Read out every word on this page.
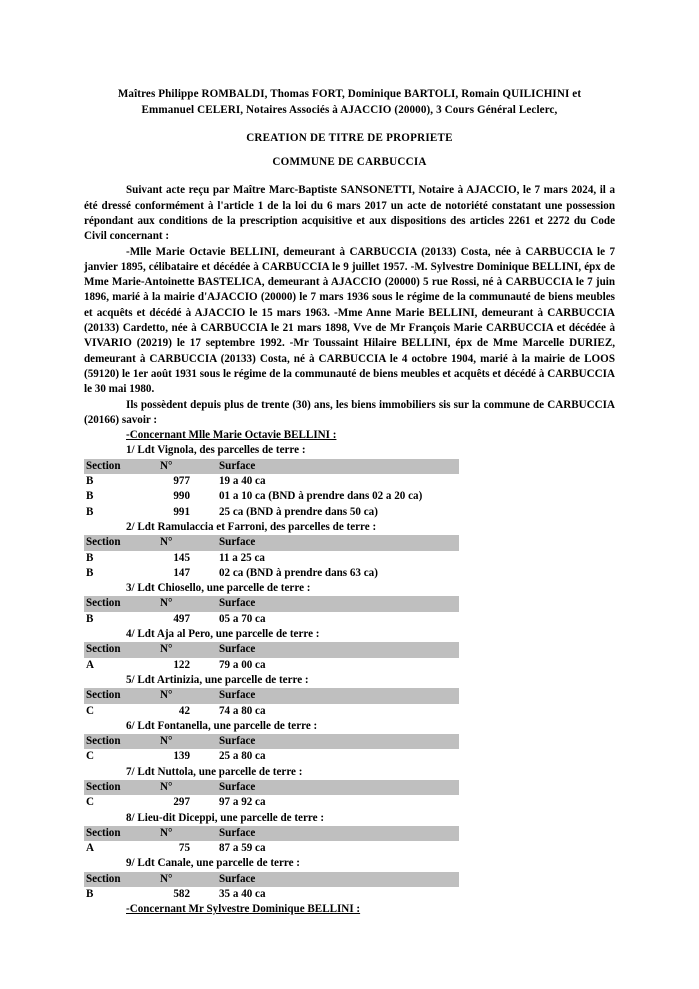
Maîtres Philippe ROMBALDI, Thomas FORT, Dominique BARTOLI, Romain QUILICHINI et
Emmanuel CELERI, Notaires Associés à AJACCIO (20000), 3 Cours Général Leclerc,
CREATION DE TITRE DE PROPRIETE
COMMUNE DE CARBUCCIA

Suivant acte reçu par Maître Marc-Baptiste SANSONETTI, Notaire à AJACCIO, le 7 mars 2024, il a été dressé conformément à l'article 1 de la loi du 6 mars 2017 un acte de notoriété constatant une possession répondant aux conditions de la prescription acquisitive et aux dispositions des articles 2261 et 2272 du Code Civil concernant :

-Mlle Marie Octavie BELLINI, demeurant à CARBUCCIA (20133) Costa, née à CARBUCCIA le 7 janvier 1895, célibataire et décédée à CARBUCCIA le 9 juillet 1957. -M. Sylvestre Dominique BELLINI, épx de Mme Marie-Antoinette BASTELICA, demeurant à AJACCIO (20000) 5 rue Rossi, né à CARBUCCIA le 7 juin 1896, marié à la mairie d'AJACCIO (20000) le 7 mars 1936 sous le régime de la communauté de biens meubles et acquêts et décédé à AJACCIO le 15 mars 1963. -Mme Anne Marie BELLINI, demeurant à CARBUCCIA (20133) Cardetto, née à CARBUCCIA le 21 mars 1898, Vve de Mr François Marie CARBUCCIA et décédée à VIVARIO (20219) le 17 septembre 1992. -Mr Toussaint Hilaire BELLINI, épx de Mme Marcelle DURIEZ, demeurant à CARBUCCIA (20133) Costa, né à CARBUCCIA le 4 octobre 1904, marié à la mairie de LOOS (59120) le 1er août 1931 sous le régime de la communauté de biens meubles et acquêts et décédé à CARBUCCIA le 30 mai 1980.

Ils possèdent depuis plus de trente (30) ans, les biens immobiliers sis sur la commune de CARBUCCIA (20166) savoir :

-Concernant Mlle Marie Octavie BELLINI :
1/ Ldt Vignola, des parcelles de terre :
Section	N°	Surface
B	977	19 a 40 ca
B	990	01 a 10 ca (BND à prendre dans 02 a 20 ca)
B	991	25 ca (BND à prendre dans 50 ca)
2/ Ldt Ramulaccia et Farroni, des parcelles de terre :
Section	N°	Surface
B	145	11 a 25 ca
B	147	02 ca (BND à prendre dans 63 ca)
3/ Ldt Chiosello, une parcelle de terre :
Section	N°	Surface
B	497	05 a 70 ca
4/ Ldt Aja al Pero, une parcelle de terre :
Section	N°	Surface
A	122	79 a 00 ca
5/ Ldt Artinizia, une parcelle de terre :
Section	N°	Surface
C	42	74 a 80 ca
6/ Ldt Fontanella, une parcelle de terre :
Section	N°	Surface
C	139	25 a 80 ca
7/ Ldt Nuttola, une parcelle de terre :
Section	N°	Surface
C	297	97 a 92 ca
8/ Lieu-dit Diceppi, une parcelle de terre :
Section	N°	Surface
A	75	87 a 59 ca
9/ Ldt Canale, une parcelle de terre :
Section	N°	Surface
B	582	35 a 40 ca
-Concernant Mr Sylvestre Dominique BELLINI :
